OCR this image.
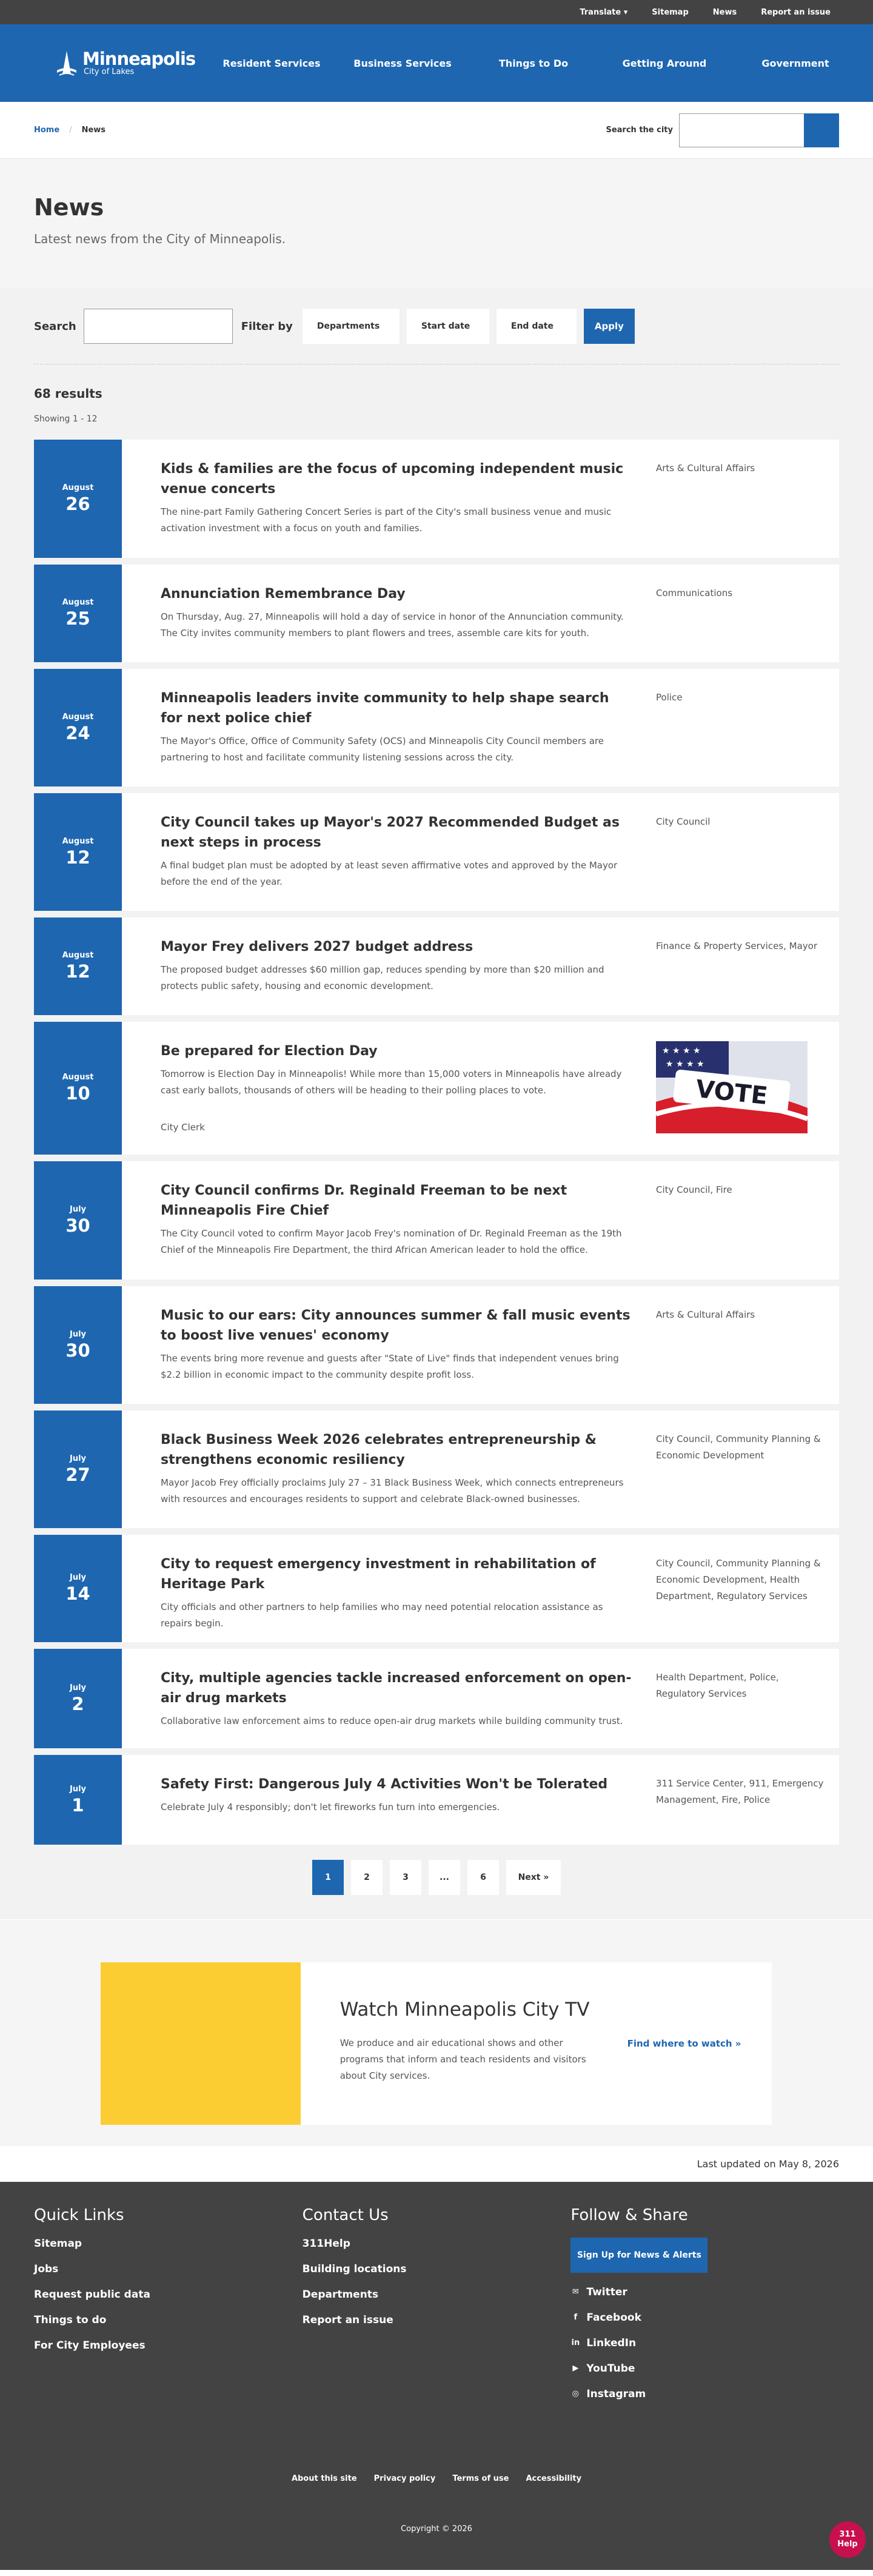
Translate ▾	Sitemap	News	Report an issue
Minneapolis
City of Lakes
Resident Services	Business Services	Things to Do	Getting Around	Government
Home / News	Search the city
News

Latest news from the City of Minneapolis.

Search	Filter by	Departments	Start date	End date	Apply
68 results
Showing 1 - 12
August
26
Kids & families are the focus of upcoming independent music venue concerts

The nine-part Family Gathering Concert Series is part of the City's small business venue and music activation investment with a focus on youth and families.

Arts & Cultural Affairs
August
25
Annunciation Remembrance Day

On Thursday, Aug. 27, Minneapolis will hold a day of service in honor of the Annunciation community. The City invites community members to plant flowers and trees, assemble care kits for youth.

Communications
August
24
Minneapolis leaders invite community to help shape search for next police chief

The Mayor's Office, Office of Community Safety (OCS) and Minneapolis City Council members are partnering to host and facilitate community listening sessions across the city.

Police
August
12
City Council takes up Mayor's 2027 Recommended Budget as next steps in process

A final budget plan must be adopted by at least seven affirmative votes and approved by the Mayor before the end of the year.

City Council
August
12
Mayor Frey delivers 2027 budget address

The proposed budget addresses $60 million gap, reduces spending by more than $20 million and protects public safety, housing and economic development.

Finance & Property Services, Mayor
August
10
Be prepared for Election Day

Tomorrow is Election Day in Minneapolis! While more than 15,000 voters in Minneapolis have already cast early ballots, thousands of others will be heading to their polling places to vote.

City Clerk
★ ★ ★ ★
★ ★ ★ ★
VOTE
July
30
City Council confirms Dr. Reginald Freeman to be next Minneapolis Fire Chief

The City Council voted to confirm Mayor Jacob Frey's nomination of Dr. Reginald Freeman as the 19th Chief of the Minneapolis Fire Department, the third African American leader to hold the office.

City Council, Fire
July
30
Music to our ears: City announces summer & fall music events to boost live venues' economy

The events bring more revenue and guests after "State of Live" finds that independent venues bring $2.2 billion in economic impact to the community despite profit loss.

Arts & Cultural Affairs
July
27
Black Business Week 2026 celebrates entrepreneurship & strengthens economic resiliency

Mayor Jacob Frey officially proclaims July 27 – 31 Black Business Week, which connects entrepreneurs with resources and encourages residents to support and celebrate Black-owned businesses.

City Council, Community Planning & Economic Development
July
14
City to request emergency investment in rehabilitation of Heritage Park

City officials and other partners to help families who may need potential relocation assistance as repairs begin.

City Council, Community Planning & Economic Development, Health Department, Regulatory Services
July
2
City, multiple agencies tackle increased enforcement on open-air drug markets

Collaborative law enforcement aims to reduce open-air drug markets while building community trust.

Health Department, Police, Regulatory Services
July
1
Safety First: Dangerous July 4 Activities Won't be Tolerated

Celebrate July 4 responsibly; don't let fireworks fun turn into emergencies.

311 Service Center, 911, Emergency Management, Fire, Police
1	2	3	...	6	Next »
Watch Minneapolis City TV

We produce and air educational shows and other programs that inform and teach residents and visitors about City services.

Find where to watch »
Last updated on May 8, 2026
Quick Links
Sitemap
Jobs
Request public data
Things to do
For City Employees
Contact Us
311Help
Building locations
Departments
Report an issue
Follow & Share
Sign Up for News & Alerts
✉ Twitter
f Facebook
in LinkedIn
▶ YouTube
◎ Instagram
About this site Privacy policy Terms of use Accessibility
Copyright © 2026
311
Help
